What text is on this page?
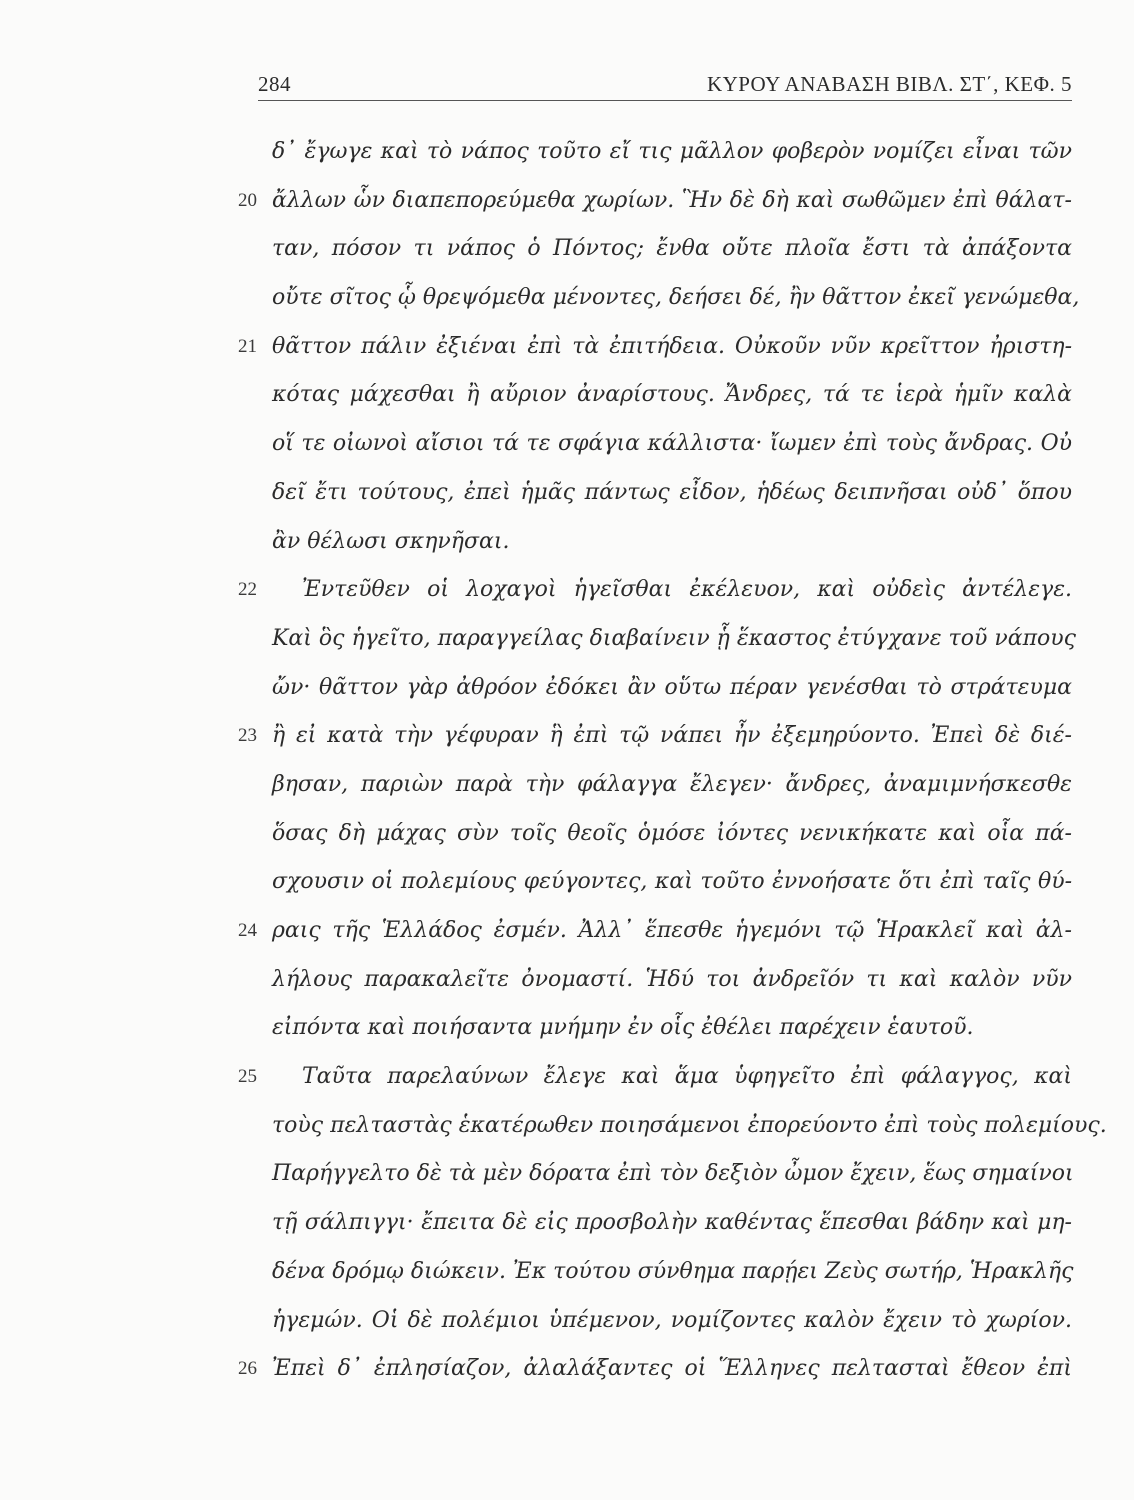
284	ΚΥΡΟΥ ΑΝΑΒΑΣΗ ΒΙΒΛ. ΣΤ΄, ΚΕΦ. 5
δ᾽ ἔγωγε καὶ τὸ νάπος τοῦτο εἴ τις μᾶλλον φοβερὸν νομίζει εἶναι τῶν
20 ἄλλων ὧν διαπεπορεύμεθα χωρίων. Ἣν δὲ δὴ καὶ σωθῶμεν ἐπὶ θάλατ-
ταν, πόσον τι νάπος ὁ Πόντος; ἔνθα οὔτε πλοῖα ἔστι τὰ ἀπάξοντα
οὔτε σῖτος ᾧ θρεψόμεθα μένοντες, δεήσει δέ, ἢν θᾶττον ἐκεῖ γενώμεθα,
21 θᾶττον πάλιν ἐξιέναι ἐπὶ τὰ ἐπιτήδεια. Οὐκοῦν νῦν κρεῖττον ἠριστη-
κότας μάχεσθαι ἢ αὔριον ἀναρίστους. Ἄνδρες, τά τε ἱερὰ ἡμῖν καλὰ
οἵ τε οἰωνοὶ αἴσιοι τά τε σφάγια κάλλιστα· ἴωμεν ἐπὶ τοὺς ἄνδρας. Οὐ
δεῖ ἔτι τούτους, ἐπεὶ ἡμᾶς πάντως εἶδον, ἡδέως δειπνῆσαι οὐδ᾽ ὅπου
ἂν θέλωσι σκηνῆσαι.
22	Ἐντεῦθεν οἱ λοχαγοὶ ἡγεῖσθαι ἐκέλευον, καὶ οὐδεὶς ἀντέλεγε.
Καὶ ὃς ἡγεῖτο, παραγγείλας διαβαίνειν ᾗ ἕκαστος ἐτύγχανε τοῦ νάπους
ὤν· θᾶττον γὰρ ἀθρόον ἐδόκει ἂν οὕτω πέραν γενέσθαι τὸ στράτευμα
23 ἢ εἰ κατὰ τὴν γέφυραν ἣ ἐπὶ τῷ νάπει ἦν ἐξεμηρύοντο. Ἐπεὶ δὲ διέ-
βησαν, παριὼν παρὰ τὴν φάλαγγα ἔλεγεν· ἄνδρες, ἀναμιμνήσκεσθε
ὅσας δὴ μάχας σὺν τοῖς θεοῖς ὁμόσε ἰόντες νενικήκατε καὶ οἷα πά-
σχουσιν οἱ πολεμίους φεύγοντες, καὶ τοῦτο ἐννοήσατε ὅτι ἐπὶ ταῖς θύ-
24 ραις τῆς Ἑλλάδος ἐσμέν. Ἀλλ᾽ ἕπεσθε ἡγεμόνι τῷ Ἡρακλεῖ καὶ ἀλ-
λήλους παρακαλεῖτε ὀνομαστί. Ἡδύ τοι ἀνδρεῖόν τι καὶ καλὸν νῦν
εἰπόντα καὶ ποιήσαντα μνήμην ἐν οἷς ἐθέλει παρέχειν ἑαυτοῦ.
25	Ταῦτα παρελαύνων ἔλεγε καὶ ἅμα ὑφηγεῖτο ἐπὶ φάλαγγος, καὶ
τοὺς πελταστὰς ἑκατέρωθεν ποιησάμενοι ἐπορεύοντο ἐπὶ τοὺς πολεμίους.
Παρήγγελτο δὲ τὰ μὲν δόρατα ἐπὶ τὸν δεξιὸν ὦμον ἔχειν, ἕως σημαίνοι
τῇ σάλπιγγι· ἔπειτα δὲ εἰς προσβολὴν καθέντας ἕπεσθαι βάδην καὶ μη-
δένα δρόμῳ διώκειν. Ἐκ τούτου σύνθημα παρῄει Ζεὺς σωτήρ, Ἡρακλῆς
ἡγεμών. Οἱ δὲ πολέμιοι ὑπέμενον, νομίζοντες καλὸν ἔχειν τὸ χωρίον.
26 Ἐπεὶ δ᾽ ἐπλησίαζον, ἀλαλάξαντες οἱ Ἕλληνες πελτασταὶ ἔθεον ἐπὶ
